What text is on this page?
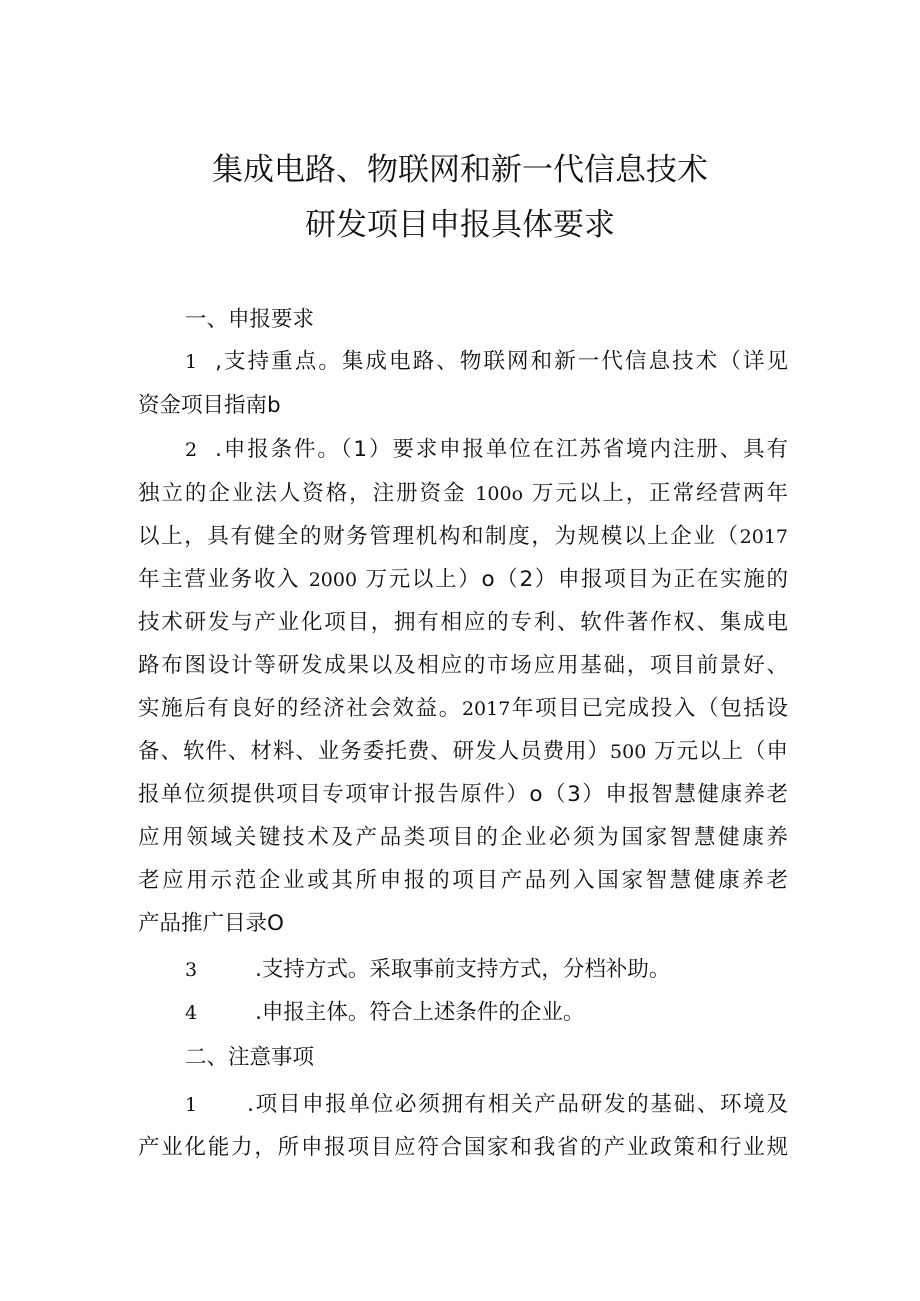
集成电路、物联网和新一代信息技术
研发项目申报具体要求
一、申报要求
1 ,支持重点。集成电路、物联网和新一代信息技术（详见
资金项目指南b
2 .申报条件。（1）要求申报单位在江苏省境内注册、具有
独立的企业法人资格，注册资金 100o 万元以上，正常经营两年
以上，具有健全的财务管理机构和制度，为规模以上企业（2017
年主营业务收入 2000 万元以上）o（2）申报项目为正在实施的
技术研发与产业化项目，拥有相应的专利、软件著作权、集成电
路布图设计等研发成果以及相应的市场应用基础，项目前景好、
实施后有良好的经济社会效益。2017年项目已完成投入（包括设
备、软件、材料、业务委托费、研发人员费用）500 万元以上（申
报单位须提供项目专项审计报告原件）o（3）申报智慧健康养老
应用领域关键技术及产品类项目的企业必须为国家智慧健康养
老应用示范企业或其所申报的项目产品列入国家智慧健康养老
产品推广目录O
3	.支持方式。采取事前支持方式，分档补助。
4	.申报主体。符合上述条件的企业。
二、注意事项
1 .项目申报单位必须拥有相关产品研发的基础、环境及
产业化能力，所申报项目应符合国家和我省的产业政策和行业规
